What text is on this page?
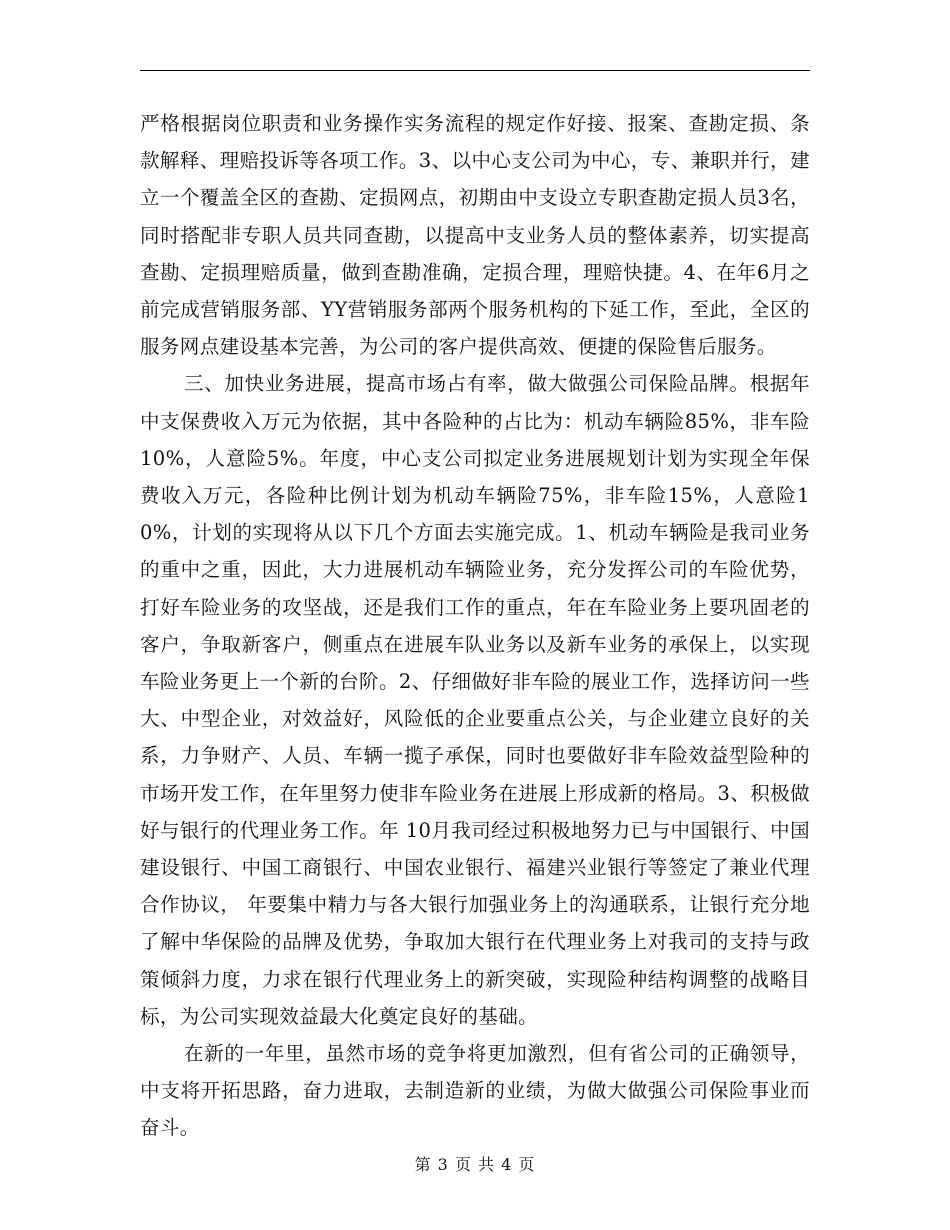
严格根据岗位职责和业务操作实务流程的规定作好接、报案、查勘定损、条款解释、理赔投诉等各项工作。3、以中心支公司为中心，专、兼职并行，建立一个覆盖全区的查勘、定损网点，初期由中支设立专职查勘定损人员3名，同时搭配非专职人员共同查勘，以提高中支业务人员的整体素养，切实提高查勘、定损理赔质量，做到查勘准确，定损合理，理赔快捷。4、在年6月之前完成营销服务部、YY营销服务部两个服务机构的下延工作，至此，全区的服务网点建设基本完善，为公司的客户提供高效、便捷的保险售后服务。

三、加快业务进展，提高市场占有率，做大做强公司保险品牌。根据年中支保费收入万元为依据，其中各险种的占比为：机动车辆险85%，非车险 10%，人意险5%。年度，中心支公司拟定业务进展规划计划为实现全年保费收入万元，各险种比例计划为机动车辆险75%，非车险15%，人意险10%，计划的实现将从以下几个方面去实施完成。1、机动车辆险是我司业务的重中之重，因此，大力进展机动车辆险业务，充分发挥公司的车险优势，打好车险业务的攻坚战，还是我们工作的重点，年在车险业务上要巩固老的客户，争取新客户，侧重点在进展车队业务以及新车业务的承保上，以实现车险业务更上一个新的台阶。2、仔细做好非车险的展业工作，选择访问一些大、中型企业，对效益好，风险低的企业要重点公关，与企业建立良好的关系，力争财产、人员、车辆一揽子承保，同时也要做好非车险效益型险种的市场开发工作，在年里努力使非车险业务在进展上形成新的格局。3、积极做好与银行的代理业务工作。年 10月我司经过积极地努力已与中国银行、中国建设银行、中国工商银行、中国农业银行、福建兴业银行等签定了兼业代理合作协议， 年要集中精力与各大银行加强业务上的沟通联系，让银行充分地了解中华保险的品牌及优势，争取加大银行在代理业务上对我司的支持与政策倾斜力度，力求在银行代理业务上的新突破，实现险种结构调整的战略目标，为公司实现效益最大化奠定良好的基础。

在新的一年里，虽然市场的竞争将更加激烈，但有省公司的正确领导，中支将开拓思路，奋力进取，去制造新的业绩，为做大做强公司保险事业而奋斗。

第 3 页 共 4 页
